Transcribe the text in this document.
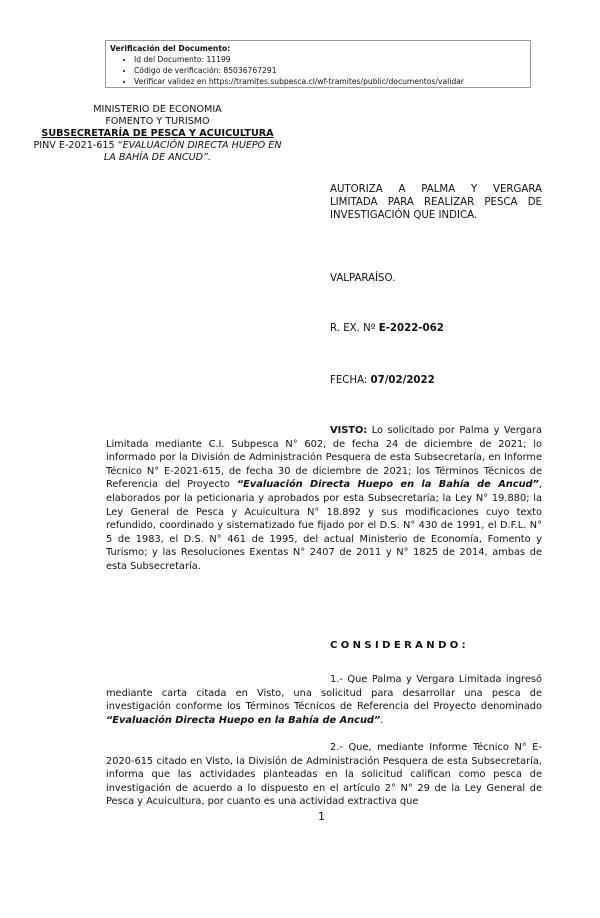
Verificación del Documento:
• Id del Documento: 11199
• Código de verificación: 85036767291
• Verificar validez en https://tramites.subpesca.cl/wf-tramites/public/documentos/validar
MINISTERIO DE ECONOMIA
FOMENTO Y TURISMO
SUBSECRETARÍA DE PESCA Y ACUICULTURA
PINV E-2021-615 “EVALUACIÓN DIRECTA HUEPO EN LA BAHÍA DE ANCUD”.
AUTORIZA A PALMA Y VERGARA LIMITADA PARA REALIZAR PESCA DE INVESTIGACIÓN QUE INDICA.
VALPARAÍSO.
R. EX. Nº E-2022-062
FECHA: 07/02/2022
VISTO: Lo solicitado por Palma y Vergara Limitada mediante C.I. Subpesca N° 602, de fecha 24 de diciembre de 2021; lo informado por la División de Administración Pesquera de esta Subsecretaría, en Informe Técnico N° E-2021-615, de fecha 30 de diciembre de 2021; los Términos Técnicos de Referencia del Proyecto “Evaluación Directa Huepo en la Bahía de Ancud”, elaborados por la peticionaria y aprobados por esta Subsecretaría; la Ley N° 19.880; la Ley General de Pesca y Acuicultura N° 18.892 y sus modificaciones cuyo texto refundido, coordinado y sistematizado fue fijado por el D.S. N° 430 de 1991, el D.F.L. N° 5 de 1983, el D.S. N° 461 de 1995, del actual Ministerio de Economía, Fomento y Turismo; y las Resoluciones Exentas N° 2407 de 2011 y N° 1825 de 2014, ambas de esta Subsecretaría.
CONSIDERANDO:
1.- Que Palma y Vergara Limitada ingresó mediante carta citada en Visto, una solicitud para desarrollar una pesca de investigación conforme los Términos Técnicos de Referencia del Proyecto denominado “Evaluación Directa Huepo en la Bahía de Ancud”.
2.- Que, mediante Informe Técnico N° E-2020-615 citado en Visto, la División de Administración Pesquera de esta Subsecretaría, informa que las actividades planteadas en la solicitud califican como pesca de investigación de acuerdo a lo dispuesto en el artículo 2° N° 29 de la Ley General de Pesca y Acuicultura, por cuanto es una actividad extractiva que
1
